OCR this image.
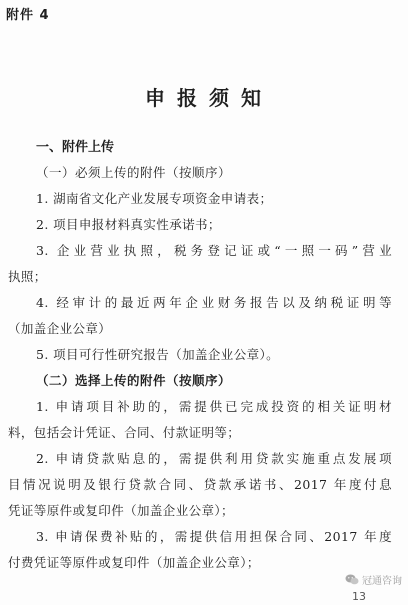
附件 4
申报须知
一、附件上传
（一）必须上传的附件（按顺序）
1. 湖南省文化产业发展专项资金申请表；
2. 项目申报材料真实性承诺书；
3. 企业营业执照，税务登记证或“一照一码”营业
执照；
4. 经审计的最近两年企业财务报告以及纳税证明等
（加盖企业公章）
5. 项目可行性研究报告（加盖企业公章）。
（二）选择上传的附件（按顺序）
1. 申请项目补助的，需提供已完成投资的相关证明材
料，包括会计凭证、合同、付款证明等；
2. 申请贷款贴息的，需提供利用贷款实施重点发展项
目情况说明及银行贷款合同、贷款承诺书、2017 年度付息
凭证等原件或复印件（加盖企业公章）；
3. 申请保费补贴的，需提供信用担保合同、2017 年度
付费凭证等原件或复印件（加盖企业公章）；
冠通咨询
13
